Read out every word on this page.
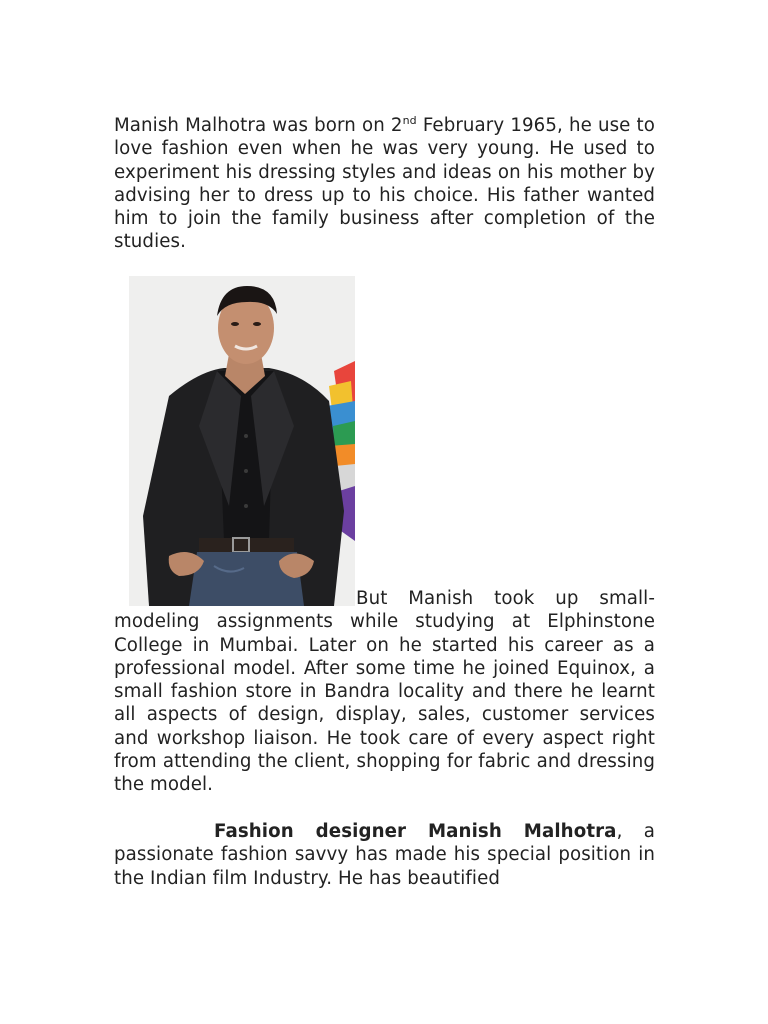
Manish Malhotra was born on 2nd February 1965, he use to love fashion even when he was very young. He used to experiment his dressing styles and ideas on his mother by advising her to dress up to his choice. His father wanted him to join the family business after completion of the studies.

But Manish took up small-modeling assignments while studying at Elphinstone College in Mumbai. Later on he started his career as a professional model. After some time he joined Equinox, a small fashion store in Bandra locality and there he learnt all aspects of design, display, sales, customer services and workshop liaison. He took care of every aspect right from attending the client, shopping for fabric and dressing the model.

Fashion designer Manish Malhotra, a passionate fashion savvy has made his special position in the Indian film Industry. He has beautified
